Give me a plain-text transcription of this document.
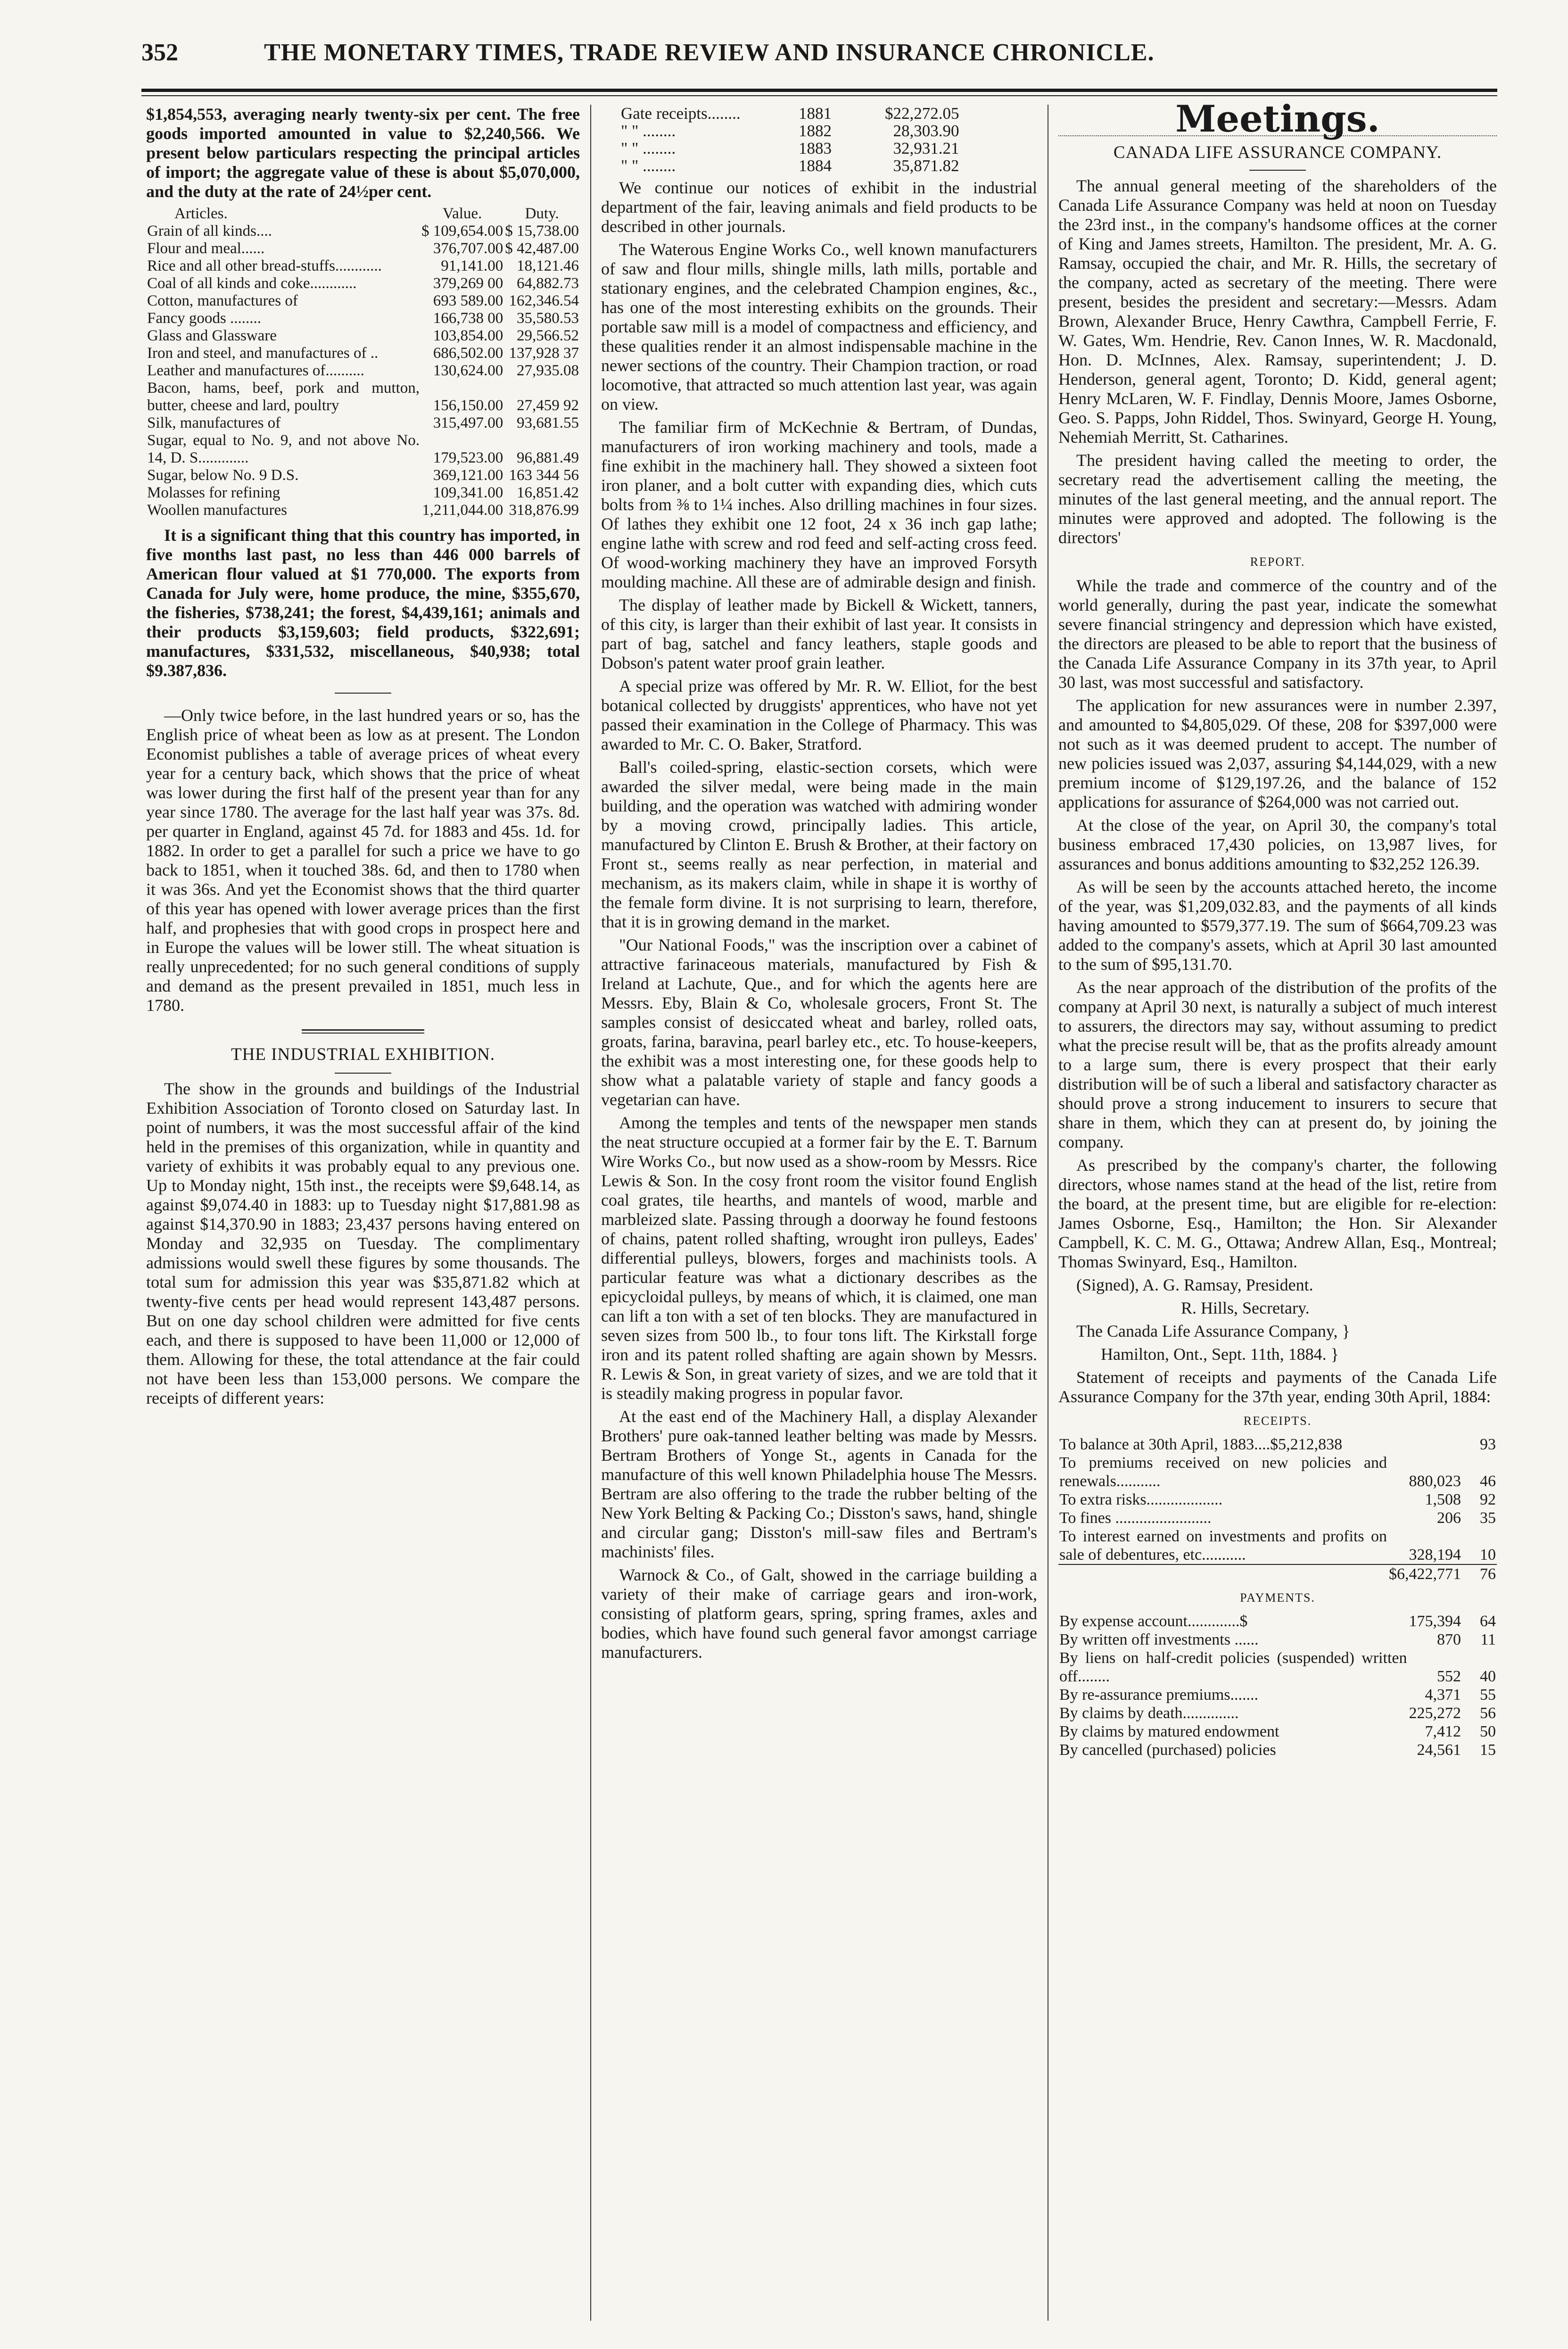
352	THE MONETARY TIMES, TRADE REVIEW AND INSURANCE CHRONICLE.

$1,854,553, averaging nearly twenty-six per cent. The free goods imported amounted in value to $2,240,566. We present below particulars respecting the principal articles of import; the aggregate value of these is about $5,070,000, and the duty at the rate of 24½per cent.

Articles.	Value.	Duty.
Grain of all kinds....	$ 109,654.00	$ 15,738.00
Flour and meal......	376,707.00	$ 42,487.00
Rice and all other bread-stuffs............	91,141.00	18,121.46
Coal of all kinds and coke............	379,269 00	64,882.73
Cotton, manufactures of	693 589.00	162,346.54
Fancy goods ........	166,738 00	35,580.53
Glass and Glassware	103,854.00	29,566.52
Iron and steel, and manufactures of ..	686,502.00	137,928 37
Leather and manufactures of..........	130,624.00	27,935.08
Bacon, hams, beef, pork and mutton, butter, cheese and lard, poultry	156,150.00	27,459 92
Silk, manufactures of	315,497.00	93,681.55
Sugar, equal to No. 9, and not above No. 14, D. S.............	179,523.00	96,881.49
Sugar, below No. 9 D.S.	369,121.00	163 344 56
Molasses for refining	109,341.00	16,851.42
Woollen manufactures	1,211,044.00	318,876.99

It is a significant thing that this country has imported, in five months last past, no less than 446 000 barrels of American flour valued at $1 770,000. The exports from Canada for July were, home produce, the mine, $355,670, the fisheries, $738,241; the forest, $4,439,161; animals and their products $3,159,603; field products, $322,691; manufactures, $331,532, miscellaneous, $40,938; total $9.387,836.

—Only twice before, in the last hundred years or so, has the English price of wheat been as low as at present. The London Economist publishes a table of average prices of wheat every year for a century back, which shows that the price of wheat was lower during the first half of the present year than for any year since 1780. The average for the last half year was 37s. 8d. per quarter in England, against 45 7d. for 1883 and 45s. 1d. for 1882. In order to get a parallel for such a price we have to go back to 1851, when it touched 38s. 6d, and then to 1780 when it was 36s. And yet the Economist shows that the third quarter of this year has opened with lower average prices than the first half, and prophesies that with good crops in prospect here and in Europe the values will be lower still. The wheat situation is really unprecedented; for no such general conditions of supply and demand as the present prevailed in 1851, much less in 1780.

THE INDUSTRIAL EXHIBITION.

The show in the grounds and buildings of the Industrial Exhibition Association of Toronto closed on Saturday last. In point of numbers, it was the most successful affair of the kind held in the premises of this organization, while in quantity and variety of exhibits it was probably equal to any previous one. Up to Monday night, 15th inst., the receipts were $9,648.14, as against $9,074.40 in 1883: up to Tuesday night $17,881.98 as against $14,370.90 in 1883; 23,437 persons having entered on Monday and 32,935 on Tuesday. The complimentary admissions would swell these figures by some thousands. The total sum for admission this year was $35,871.82 which at twenty-five cents per head would represent 143,487 persons. But on one day school children were admitted for five cents each, and there is supposed to have been 11,000 or 12,000 of them. Allowing for these, the total attendance at the fair could not have been less than 153,000 persons. We compare the receipts of different years:

Gate receipts........	1881	$22,272.05
" " ........	1882	28,303.90
" " ........	1883	32,931.21
" " ........	1884	35,871.82

We continue our notices of exhibit in the industrial department of the fair, leaving animals and field products to be described in other journals.

The Waterous Engine Works Co., well known manufacturers of saw and flour mills, shingle mills, lath mills, portable and stationary engines, and the celebrated Champion engines, &c., has one of the most interesting exhibits on the grounds. Their portable saw mill is a model of compactness and efficiency, and these qualities render it an almost indispensable machine in the newer sections of the country. Their Champion traction, or road locomotive, that attracted so much attention last year, was again on view.

The familiar firm of McKechnie & Bertram, of Dundas, manufacturers of iron working machinery and tools, made a fine exhibit in the machinery hall. They showed a sixteen foot iron planer, and a bolt cutter with expanding dies, which cuts bolts from ⅜ to 1¼ inches. Also drilling machines in four sizes. Of lathes they exhibit one 12 foot, 24 x 36 inch gap lathe; engine lathe with screw and rod feed and self-acting cross feed. Of wood-working machinery they have an improved Forsyth moulding machine. All these are of admirable design and finish.

The display of leather made by Bickell & Wickett, tanners, of this city, is larger than their exhibit of last year. It consists in part of bag, satchel and fancy leathers, staple goods and Dobson's patent water proof grain leather.

A special prize was offered by Mr. R. W. Elliot, for the best botanical collected by druggists' apprentices, who have not yet passed their examination in the College of Pharmacy. This was awarded to Mr. C. O. Baker, Stratford.

Ball's coiled-spring, elastic-section corsets, which were awarded the silver medal, were being made in the main building, and the operation was watched with admiring wonder by a moving crowd, principally ladies. This article, manufactured by Clinton E. Brush & Brother, at their factory on Front st., seems really as near perfection, in material and mechanism, as its makers claim, while in shape it is worthy of the female form divine. It is not surprising to learn, therefore, that it is in growing demand in the market.

"Our National Foods," was the inscription over a cabinet of attractive farinaceous materials, manufactured by Fish & Ireland at Lachute, Que., and for which the agents here are Messrs. Eby, Blain & Co, wholesale grocers, Front St. The samples consist of desiccated wheat and barley, rolled oats, groats, farina, baravina, pearl barley etc., etc. To house-keepers, the exhibit was a most interesting one, for these goods help to show what a palatable variety of staple and fancy goods a vegetarian can have.

Among the temples and tents of the newspaper men stands the neat structure occupied at a former fair by the E. T. Barnum Wire Works Co., but now used as a show-room by Messrs. Rice Lewis & Son. In the cosy front room the visitor found English coal grates, tile hearths, and mantels of wood, marble and marbleized slate. Passing through a doorway he found festoons of chains, patent rolled shafting, wrought iron pulleys, Eades' differential pulleys, blowers, forges and machinists tools. A particular feature was what a dictionary describes as the epicycloidal pulleys, by means of which, it is claimed, one man can lift a ton with a set of ten blocks. They are manufactured in seven sizes from 500 lb., to four tons lift. The Kirkstall forge iron and its patent rolled shafting are again shown by Messrs. R. Lewis & Son, in great variety of sizes, and we are told that it is steadily making progress in popular favor.

At the east end of the Machinery Hall, a display Alexander Brothers' pure oak-tanned leather belting was made by Messrs. Bertram Brothers of Yonge St., agents in Canada for the manufacture of this well known Philadelphia house The Messrs. Bertram are also offering to the trade the rubber belting of the New York Belting & Packing Co.; Disston's saws, hand, shingle and circular gang; Disston's mill-saw files and Bertram's machinists' files.

Warnock & Co., of Galt, showed in the carriage building a variety of their make of carriage gears and iron-work, consisting of platform gears, spring, spring frames, axles and bodies, which have found such general favor amongst carriage manufacturers.

Meetings.
CANADA LIFE ASSURANCE COMPANY.

The annual general meeting of the shareholders of the Canada Life Assurance Company was held at noon on Tuesday the 23rd inst., in the company's handsome offices at the corner of King and James streets, Hamilton. The president, Mr. A. G. Ramsay, occupied the chair, and Mr. R. Hills, the secretary of the company, acted as secretary of the meeting. There were present, besides the president and secretary:—Messrs. Adam Brown, Alexander Bruce, Henry Cawthra, Campbell Ferrie, F. W. Gates, Wm. Hendrie, Rev. Canon Innes, W. R. Macdonald, Hon. D. McInnes, Alex. Ramsay, superintendent; J. D. Henderson, general agent, Toronto; D. Kidd, general agent; Henry McLaren, W. F. Findlay, Dennis Moore, James Osborne, Geo. S. Papps, John Riddel, Thos. Swinyard, George H. Young, Nehemiah Merritt, St. Catharines.

The president having called the meeting to order, the secretary read the advertisement calling the meeting, the minutes of the last general meeting, and the annual report. The minutes were approved and adopted. The following is the directors'

REPORT.

While the trade and commerce of the country and of the world generally, during the past year, indicate the somewhat severe financial stringency and depression which have existed, the directors are pleased to be able to report that the business of the Canada Life Assurance Company in its 37th year, to April 30 last, was most successful and satisfactory.

The application for new assurances were in number 2.397, and amounted to $4,805,029. Of these, 208 for $397,000 were not such as it was deemed prudent to accept. The number of new policies issued was 2,037, assuring $4,144,029, with a new premium income of $129,197.26, and the balance of 152 applications for assurance of $264,000 was not carried out.

At the close of the year, on April 30, the company's total business embraced 17,430 policies, on 13,987 lives, for assurances and bonus additions amounting to $32,252 126.39.

As will be seen by the accounts attached hereto, the income of the year, was $1,209,032.83, and the payments of all kinds having amounted to $579,377.19. The sum of $664,709.23 was added to the company's assets, which at April 30 last amounted to the sum of $95,131.70.

As the near approach of the distribution of the profits of the company at April 30 next, is naturally a subject of much interest to assurers, the directors may say, without assuming to predict what the precise result will be, that as the profits already amount to a large sum, there is every prospect that their early distribution will be of such a liberal and satisfactory character as should prove a strong inducement to insurers to secure that share in them, which they can at present do, by joining the company.

As prescribed by the company's charter, the following directors, whose names stand at the head of the list, retire from the board, at the present time, but are eligible for re-election: James Osborne, Esq., Hamilton; the Hon. Sir Alexander Campbell, K. C. M. G., Ottawa; Andrew Allan, Esq., Montreal; Thomas Swinyard, Esq., Hamilton.

(Signed), A. G. Ramsay, President.

R. Hills, Secretary.

The Canada Life Assurance Company, }

Hamilton, Ont., Sept. 11th, 1884. }

Statement of receipts and payments of the Canada Life Assurance Company for the 37th year, ending 30th April, 1884:

RECEIPTS.
To balance at 30th April, 1883....$5,212,838		93
To premiums received on new policies and renewals...........	880,023	46
To extra risks...................	1,508	92
To fines ........................	206	35
To interest earned on investments and profits on sale of debentures, etc...........	328,194	10
	$6,422,771	76
PAYMENTS.
By expense account.............$	175,394	64
By written off investments ......	870	11
By liens on half-credit policies (suspended) written off........	552	40
By re-assurance premiums.......	4,371	55
By claims by death..............	225,272	56
By claims by matured endowment	7,412	50
By cancelled (purchased) policies	24,561	15
